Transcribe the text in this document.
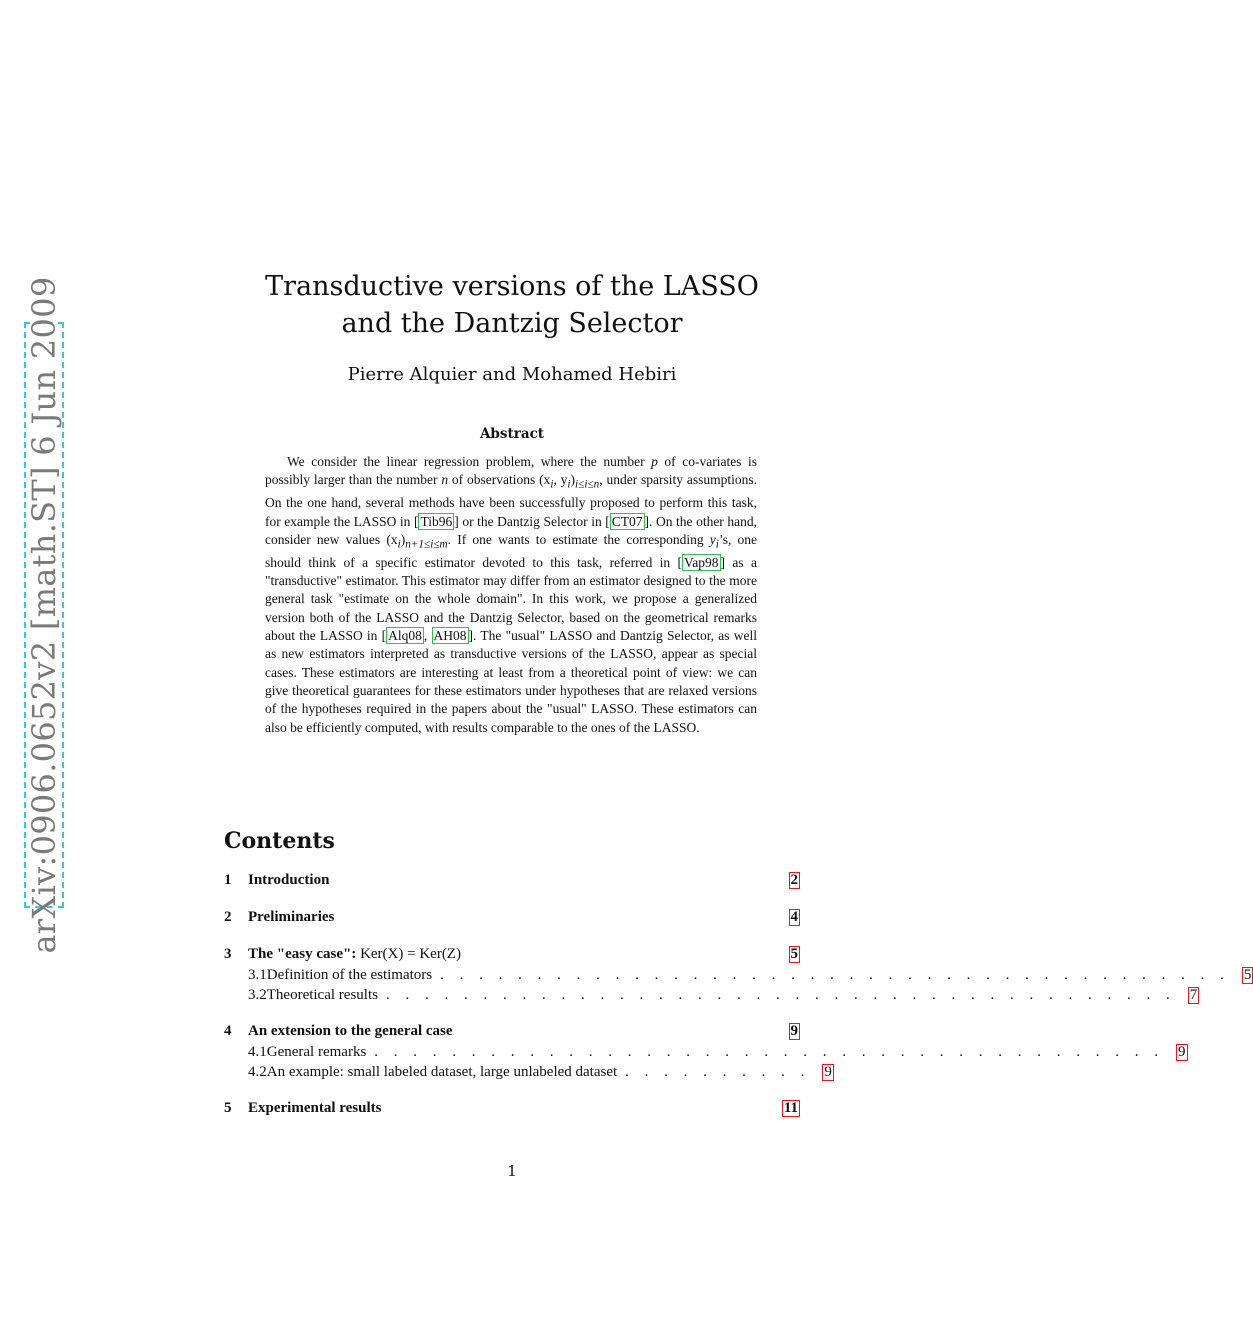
arXiv:0906.0652v2 [math.ST] 6 Jun 2009	Transductive versions of the LASSO
and the Dantzig Selector
Pierre Alquier and Mohamed Hebiri
Abstract

We consider the linear regression problem, where the number p of co-variates is possibly larger than the number n of observations ($x_i$, $y_i)_{i\le i\le n}$, under sparsity assumptions. On the one hand, several methods have been successfully proposed to perform this task, for example the LASSO in [ Tib96 ] or the Dantzig Selector in [ CT07 ]. On the other hand, consider new values $(x_i)_{n+1\le i\le m}$. If one wants to estimate the corresponding $y_i’s$, one should think of a specific estimator devoted to this task, referred in [ Vap98 ] as a "transductive" estimator. This estimator may differ from an estimator designed to the more general task "estimate on the whole domain". In this work, we propose a generalized version both of the LASSO and the Dantzig Selector, based on the geometrical remarks about the LASSO in [ Alq08 , AH08 ]. The "usual" LASSO and Dantzig Selector, as well as new estimators interpreted as transductive versions of the LASSO, appear as special cases. These estimators are interesting at least from a theoretical point of view: we can give theoretical guarantees for these estimators under hypotheses that are relaxed versions of the hypotheses required in the papers about the "usual" LASSO. These estimators can also be efficiently computed, with results comparable to the ones of the LASSO.

Contents
1	Introduction	2
2	Preliminaries	4
3	The "easy case": Ker(X) = Ker(Z)	5
3.1 Definition of the estimators . . . . . . . . . . . . . . . . . . . . . . . . . . . . . . . . . . . . . . . . . 5
3.2 Theoretical results . . . . . . . . . . . . . . . . . . . . . . . . . . . . . . . . . . . . . . . . . 7
4	An extension to the general case	9
4.1 General remarks . . . . . . . . . . . . . . . . . . . . . . . . . . . . . . . . . . . . . . . . . 9
4.2 An example: small labeled dataset, large unlabeled dataset . . . . . . . . . . 9
5	Experimental results	11
1
